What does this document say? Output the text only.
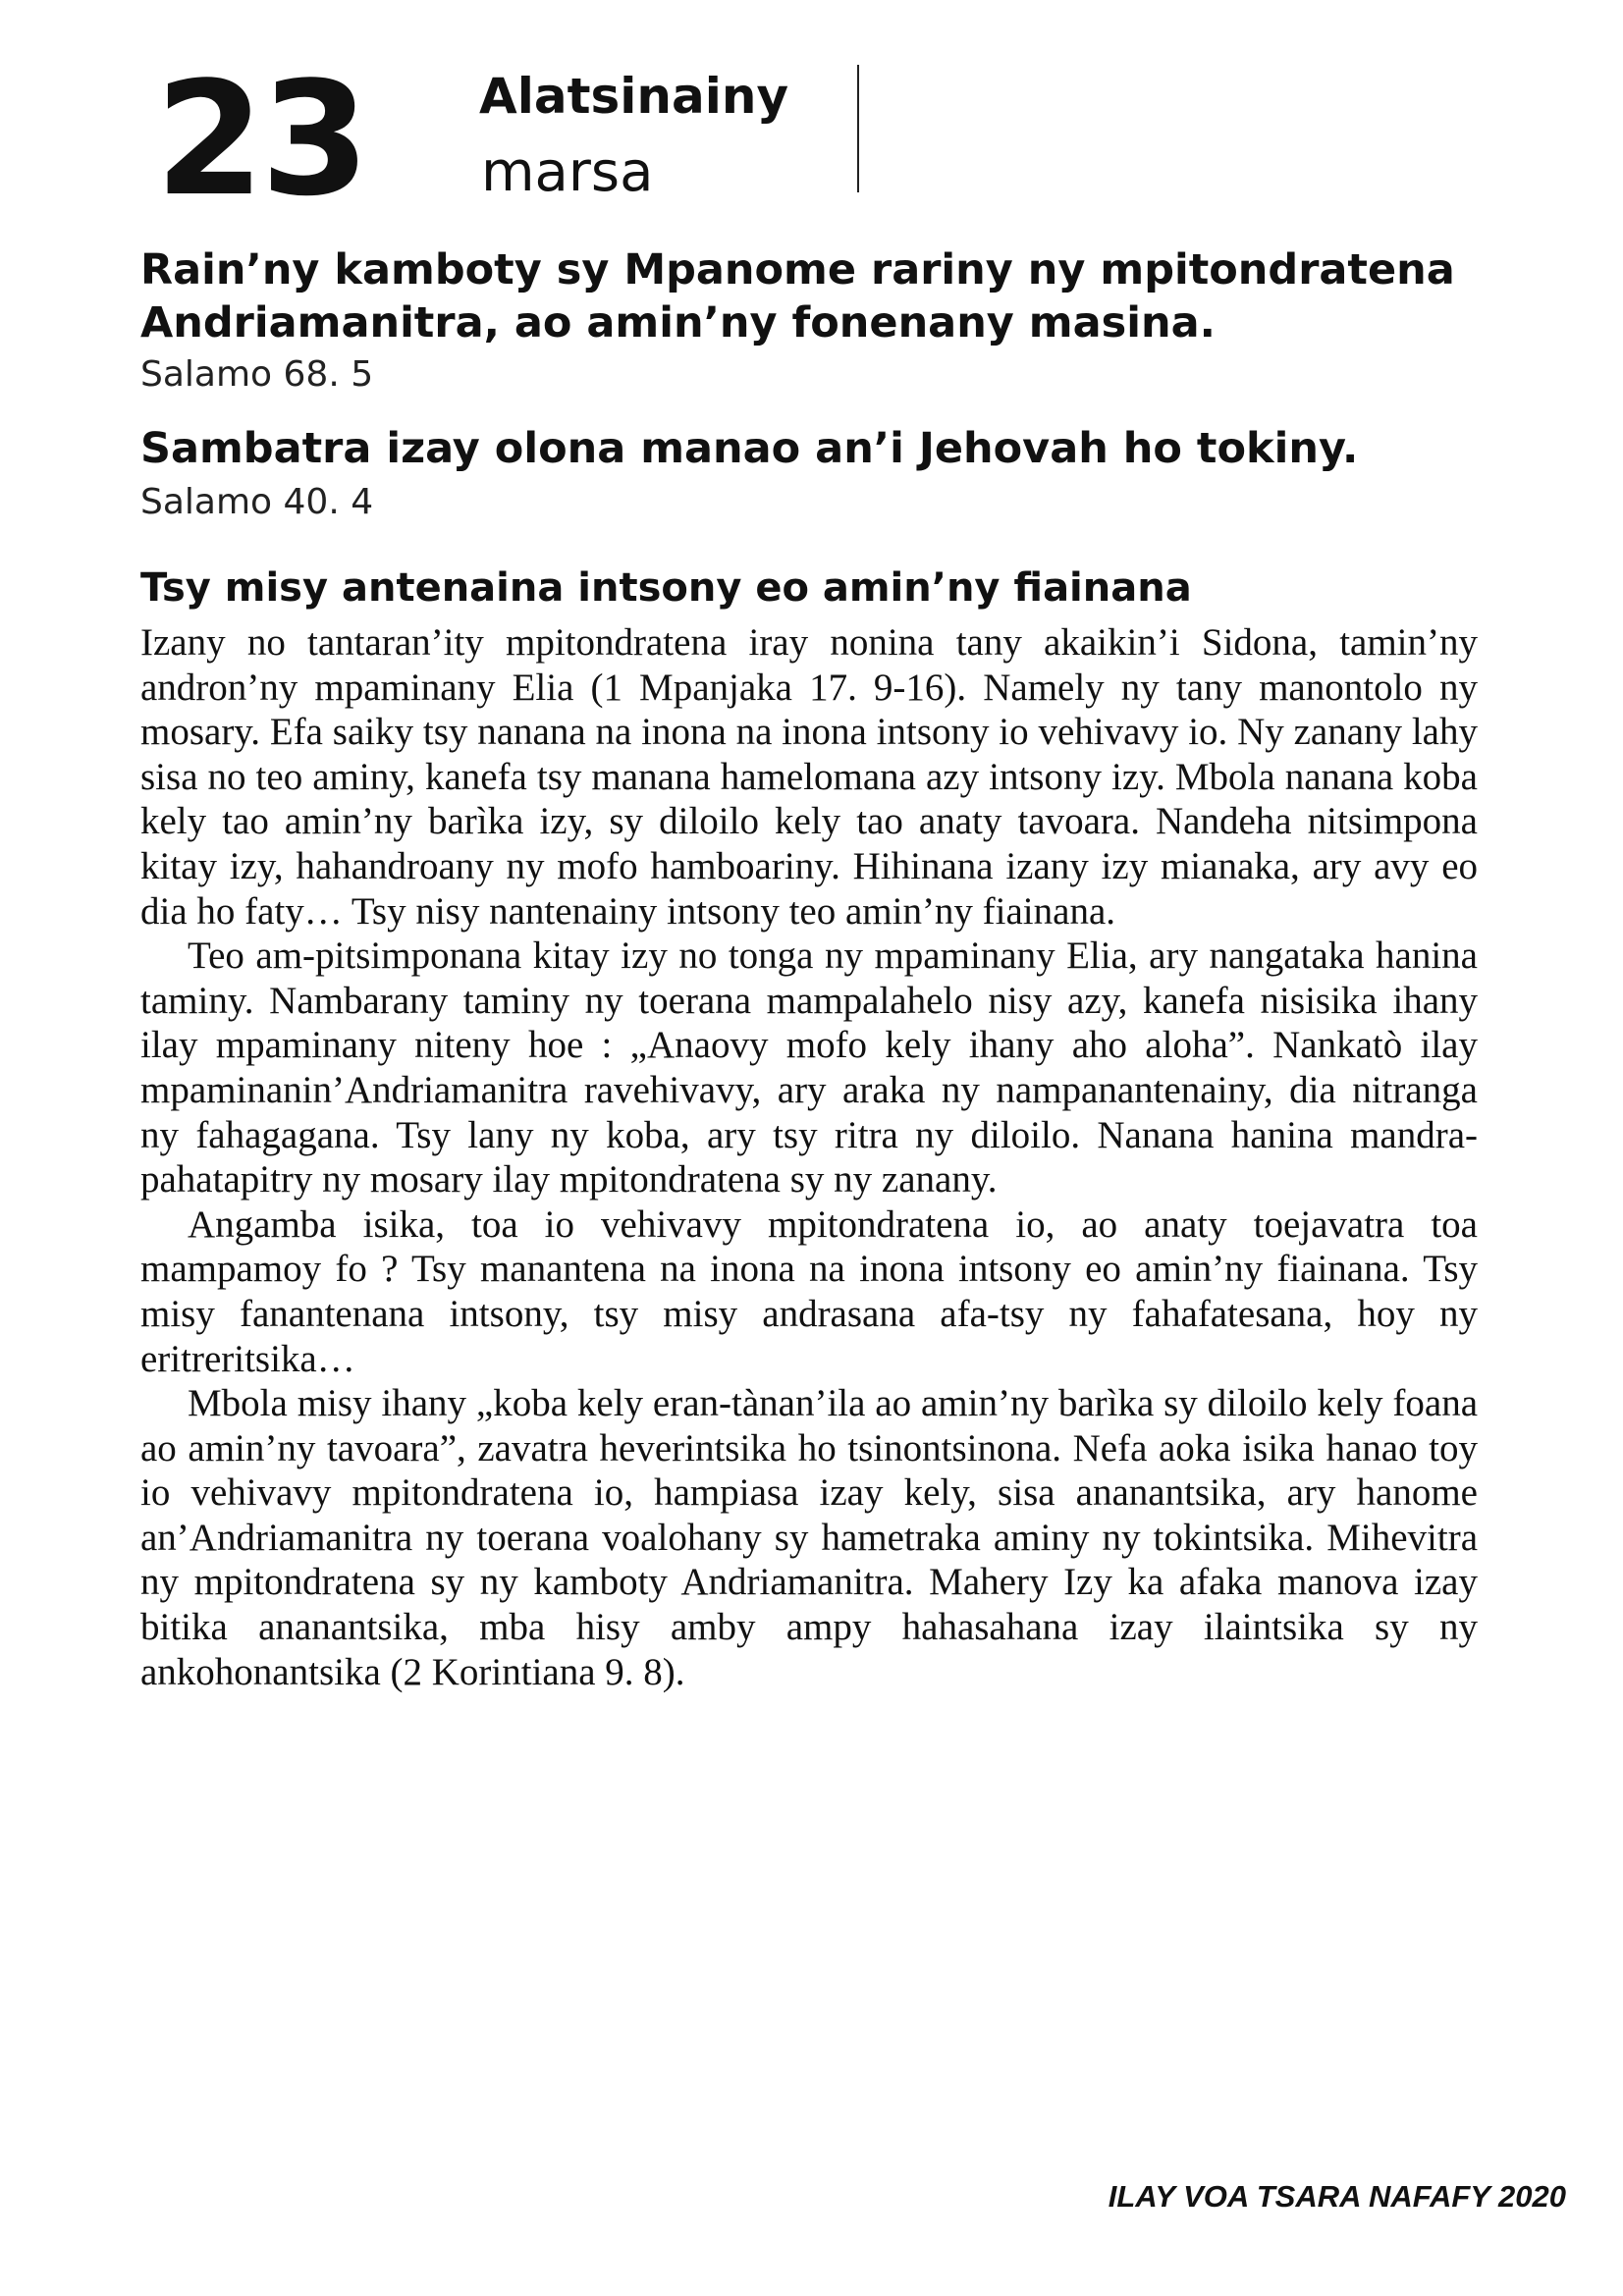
23 Alatsinainy
marsa
Rain’ny kamboty sy Mpanome rariny ny mpitondratena Andriamanitra, ao amin’ny fonenany masina.
Salamo 68. 5
Sambatra izay olona manao an’i Jehovah ho tokiny.
Salamo 40. 4
Tsy misy antenaina intsony eo amin’ny fiainana

Izany no tantaran’ity mpitondratena iray nonina tany akaikin’i Sidona, tamin’ny andron’ny mpaminany Elia (1 Mpanjaka 17. 9-16). Namely ny tany manontolo ny mosary. Efa saiky tsy nanana na inona na inona intsony io vehivavy io. Ny zanany lahy sisa no teo aminy, kanefa tsy manana hamelomana azy intsony izy. Mbola nanana koba kely tao amin’ny barìka izy, sy diloilo kely tao anaty tavoara. Nandeha nitsimpona kitay izy, hahandroany ny mofo hamboariny. Hihinana izany izy mianaka, ary avy eo dia ho faty… Tsy nisy nantenainy intsony teo amin’ny fiainana.

Teo am-pitsimponana kitay izy no tonga ny mpaminany Elia, ary nangataka hanina taminy. Nambarany taminy ny toerana mampalahelo nisy azy, kanefa nisisika ihany ilay mpaminany niteny hoe : „Anaovy mofo kely ihany aho aloha”. Nankatò ilay mpaminanin’Andriamanitra ravehivavy, ary araka ny nampanantenainy, dia nitranga ny fahagagana. Tsy lany ny koba, ary tsy ritra ny diloilo. Nanana hanina mandra-pahatapitry ny mosary ilay mpitondratena sy ny zanany.

Angamba isika, toa io vehivavy mpitondratena io, ao anaty toejavatra toa mampamoy fo ? Tsy manantena na inona na inona intsony eo amin’ny fiainana. Tsy misy fanantenana intsony, tsy misy andrasana afa-tsy ny fahafatesana, hoy ny eritreritsika…

Mbola misy ihany „koba kely eran-tànan’ila ao amin’ny barìka sy diloilo kely foana ao amin’ny tavoara”, zavatra heverintsika ho tsinontsinona. Nefa aoka isika hanao toy io vehivavy mpitondratena io, hampiasa izay kely, sisa ananantsika, ary hanome an’Andriamanitra ny toerana voalohany sy hametraka aminy ny tokintsika. Mihevitra ny mpitondratena sy ny kamboty Andriamanitra. Mahery Izy ka afaka manova izay bitika ananantsika, mba hisy amby ampy hahasahana izay ilaintsika sy ny ankohonantsika (2 Korintiana 9. 8).

ILAY VOA TSARA NAFAFY 2020
